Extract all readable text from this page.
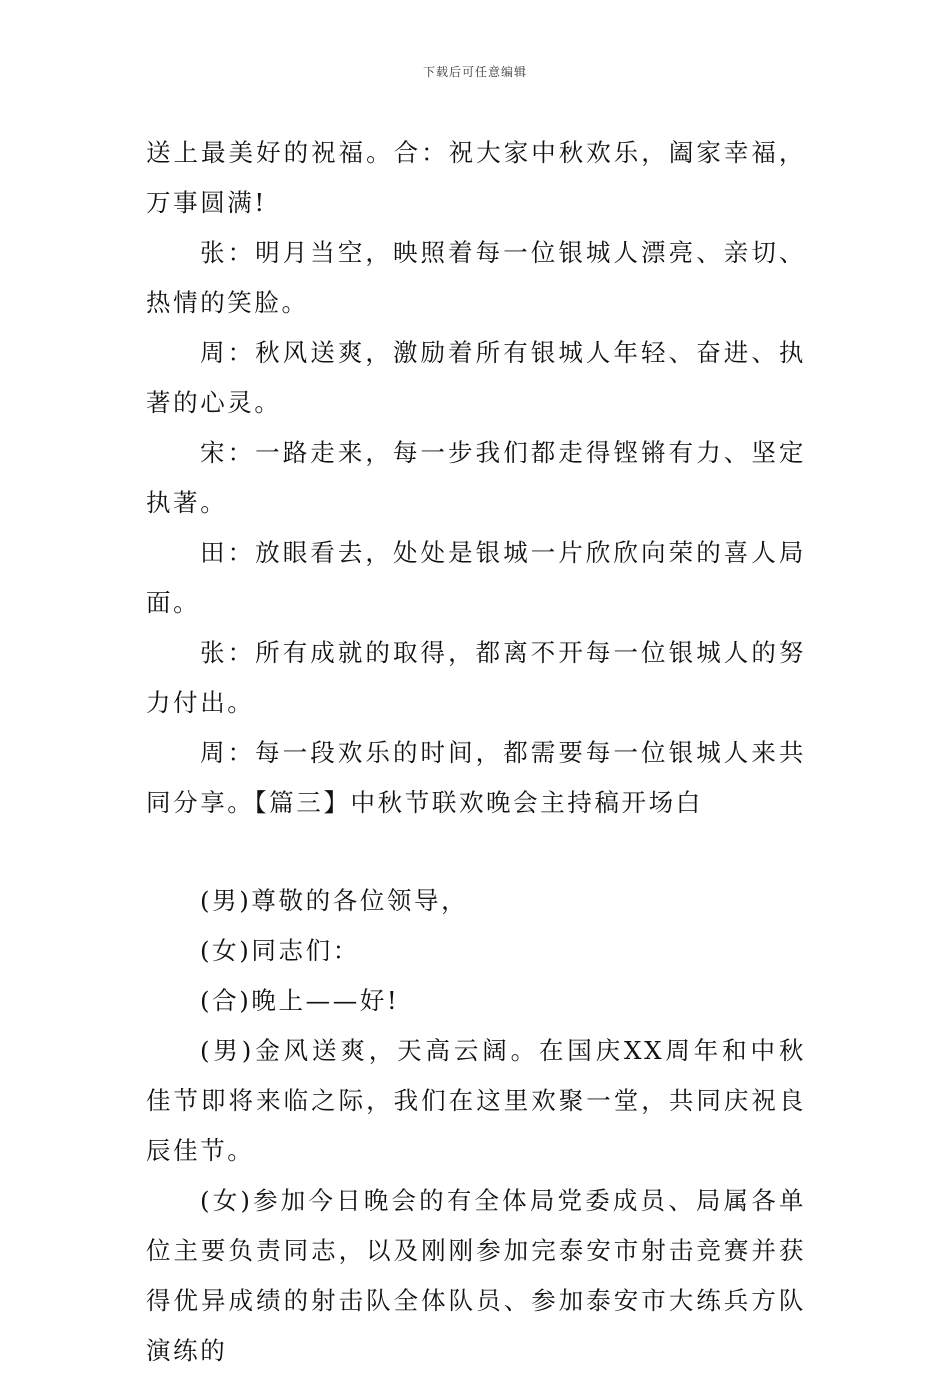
下载后可任意编辑

送上最美好的祝福。合：祝大家中秋欢乐，阖家幸福，万事圆满!

张：明月当空，映照着每一位银城人漂亮、亲切、热情的笑脸。

周：秋风送爽，激励着所有银城人年轻、奋进、执著的心灵。

宋：一路走来，每一步我们都走得铿锵有力、坚定执著。

田：放眼看去，处处是银城一片欣欣向荣的喜人局面。

张：所有成就的取得，都离不开每一位银城人的努力付出。

周：每一段欢乐的时间，都需要每一位银城人来共同分享。【篇三】中秋节联欢晚会主持稿开场白

(男)尊敬的各位领导，

(女)同志们：

(合)晚上——好!

(男)金风送爽，天高云阔。在国庆XX周年和中秋佳节即将来临之际，我们在这里欢聚一堂，共同庆祝良辰佳节。

(女)参加今日晚会的有全体局党委成员、局属各单位主要负责同志，以及刚刚参加完泰安市射击竞赛并获得优异成绩的射击队全体队员、参加泰安市大练兵方队演练的
